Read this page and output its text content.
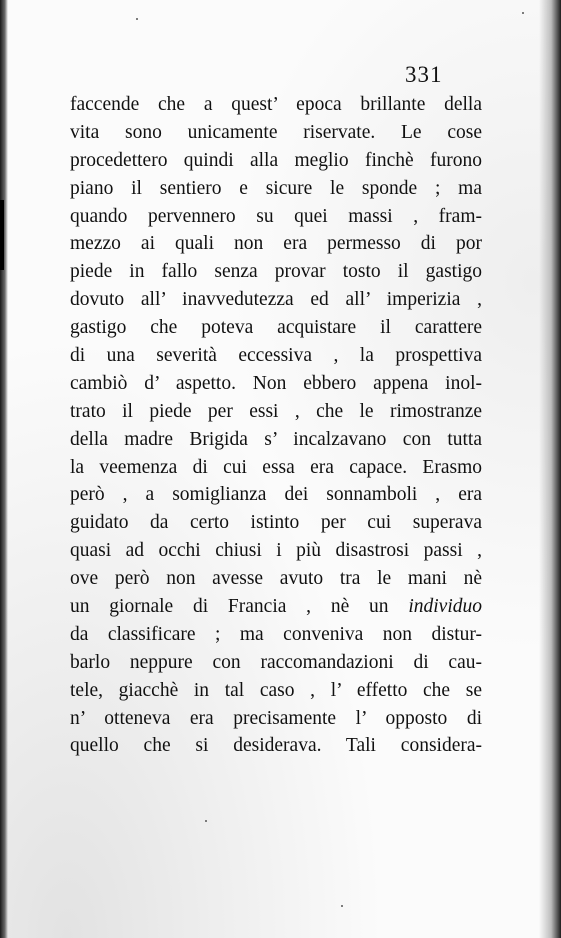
331
faccende che a quest’ epoca brillante della
vita sono unicamente riservate. Le cose
procedettero quindi alla meglio finchè furono
piano il sentiero e sicure le sponde ; ma
quando pervennero su quei massi , fram-
mezzo ai quali non era permesso di por
piede in fallo senza provar tosto il gastigo
dovuto all’ inavvedutezza ed all’ imperizia ,
gastigo che poteva acquistare il carattere
di una severità eccessiva , la prospettiva
cambiò d’ aspetto. Non ebbero appena inol-
trato il piede per essi , che le rimostranze
della madre Brigida s’ incalzavano con tutta
la veemenza di cui essa era capace. Erasmo
però , a somiglianza dei sonnamboli , era
guidato da certo istinto per cui superava
quasi ad occhi chiusi i più disastrosi passi ,
ove però non avesse avuto tra le mani nè
un giornale di Francia , nè un individuo
da classificare ; ma conveniva non distur-
barlo neppure con raccomandazioni di cau-
tele, giacchè in tal caso , l’ effetto che se
n’ otteneva era precisamente l’ opposto di
quello che si desiderava. Tali considera-
